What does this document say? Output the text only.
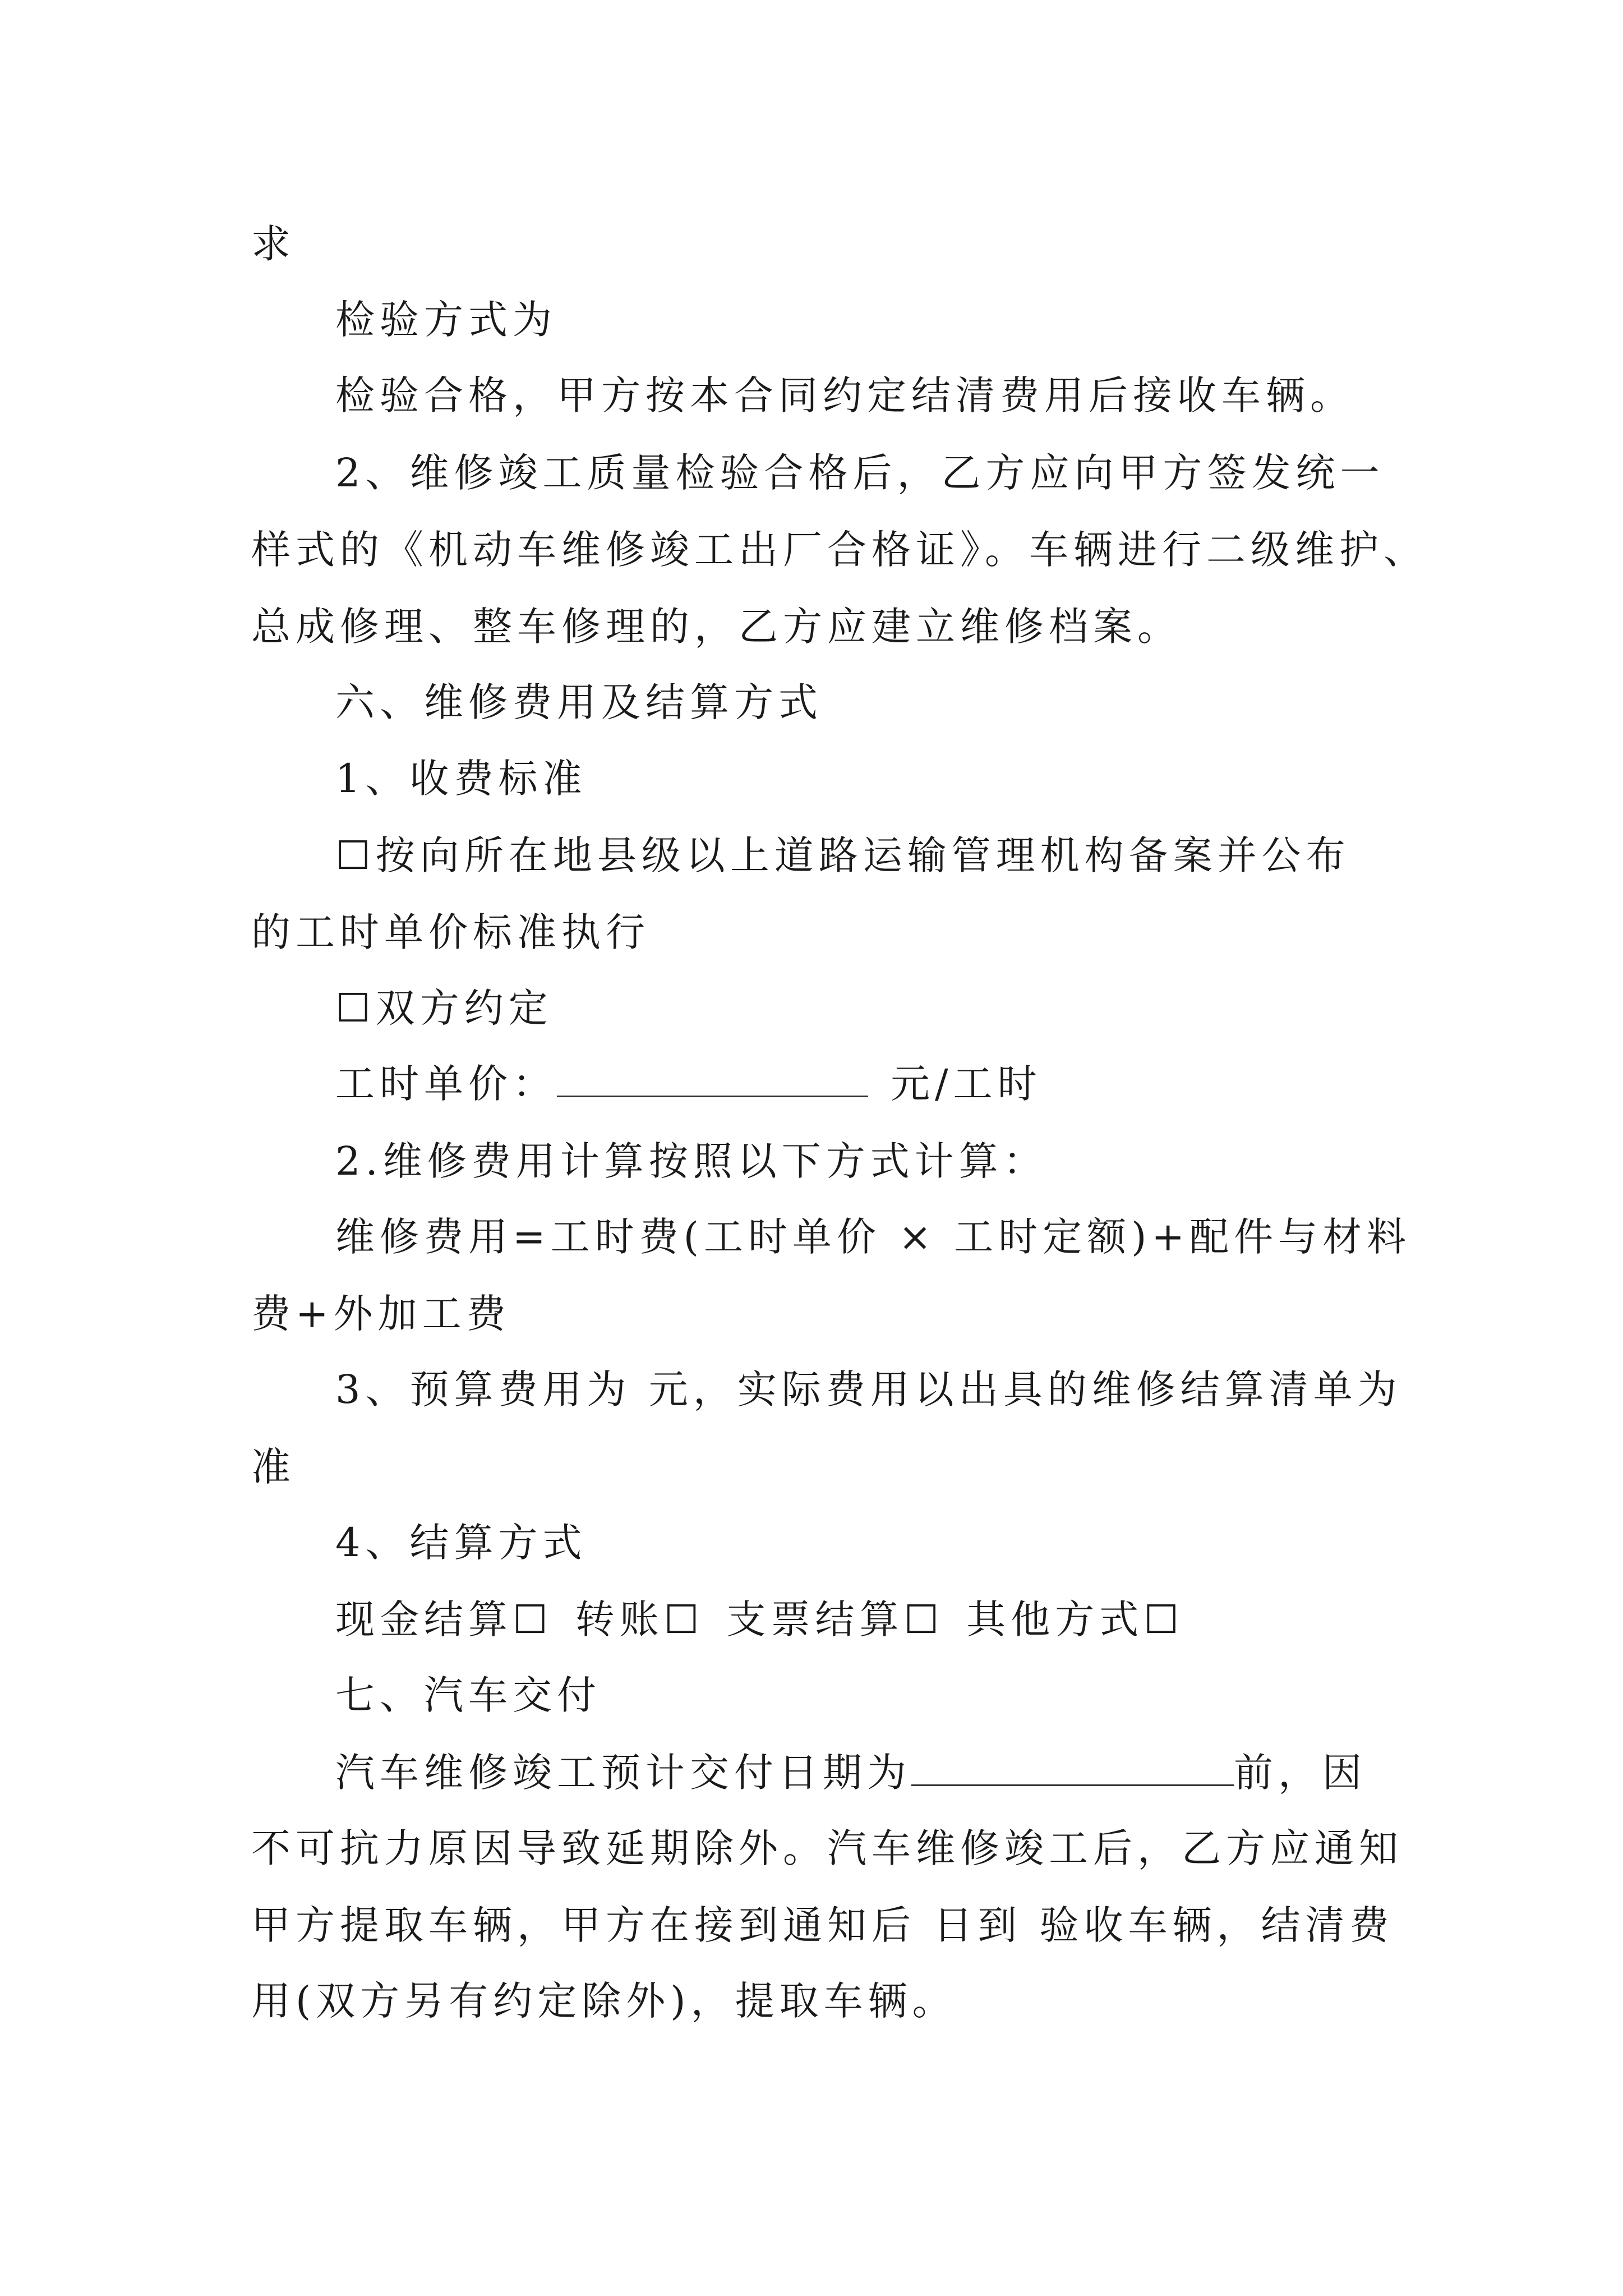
求
检验方式为
检验合格，甲方按本合同约定结清费用后接收车辆。
2、维修竣工质量检验合格后，乙方应向甲方签发统一
样式的《机动车维修竣工出厂合格证》。车辆进行二级维护、
总成修理、整车修理的，乙方应建立维修档案。
六、维修费用及结算方式
1、收费标准
☐按向所在地县级以上道路运输管理机构备案并公布
的工时单价标准执行
☐双方约定
工时单价：	元/工时
2.维修费用计算按照以下方式计算：
维修费用=工时费(工时单价 × 工时定额)+配件与材料
费+外加工费
3、预算费用为 元，实际费用以出具的维修结算清单为
准
4、结算方式
现金结算☐ 转账☐ 支票结算☐ 其他方式☐
七、汽车交付
汽车维修竣工预计交付日期为	前，因
不可抗力原因导致延期除外。汽车维修竣工后，乙方应通知
甲方提取车辆，甲方在接到通知后 日到 验收车辆，结清费
用(双方另有约定除外)，提取车辆。
